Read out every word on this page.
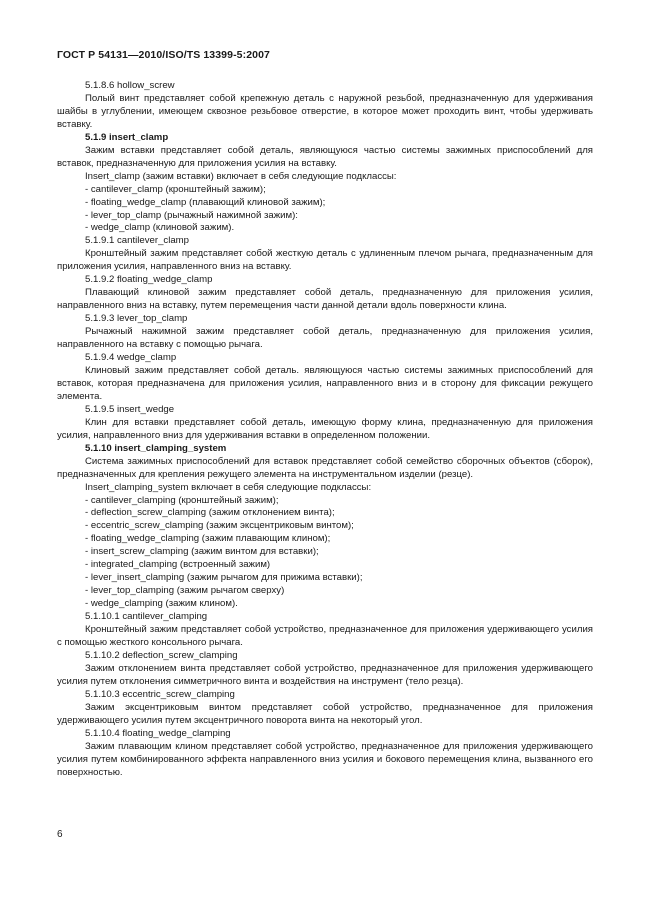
ГОСТ Р 54131—2010/ISO/TS 13399-5:2007
5.1.8.6 hollow_screw
Полый винт представляет собой крепежную деталь с наружной резьбой, предназначенную для удерживания шайбы в углублении, имеющем сквозное резьбовое отверстие, в которое может проходить винт, чтобы удерживать вставку.
5.1.9 insert_clamp
Зажим вставки представляет собой деталь, являющуюся частью системы зажимных приспособлений для вставок, предназначенную для приложения усилия на вставку.
Insert_clamp (зажим вставки) включает в себя следующие подклассы:
- cantilever_clamp (кронштейный зажим);
- floating_wedge_clamp (плавающий клиновой зажим);
- lever_top_clamp (рычажный нажимной зажим):
- wedge_clamp (клиновой зажим).
5.1.9.1 cantilever_clamp
Кронштейный зажим представляет собой жесткую деталь с удлиненным плечом рычага, предназначенным для приложения усилия, направленного вниз на вставку.
5.1.9.2 floating_wedge_clamp
Плавающий клиновой зажим представляет собой деталь, предназначенную для приложения усилия, направленного вниз на вставку, путем перемещения части данной детали вдоль поверхности клина.
5.1.9.3 lever_top_clamp
Рычажный нажимной зажим представляет собой деталь, предназначенную для приложения усилия, направленного на вставку с помощью рычага.
5.1.9.4 wedge_clamp
Клиновый зажим представляет собой деталь. являющуюся частью системы зажимных приспособлений для вставок, которая предназначена для приложения усилия, направленного вниз и в сторону для фиксации режущего элемента.
5.1.9.5 insert_wedge
Клин для вставки представляет собой деталь, имеющую форму клина, предназначенную для приложения усилия, направленного вниз для удерживания вставки в определенном положении.
5.1.10 insert_clamping_system
Система зажимных приспособлений для вставок представляет собой семейство сборочных объектов (сборок), предназначенных для крепления режущего элемента на инструментальном изделии (резце).
Insert_clamping_system включает в себя следующие подклассы:
- cantilever_clamping (кронштейный зажим);
- deflection_screw_clamping (зажим отклонением винта);
- eccentric_screw_clamping (зажим эксцентриковым винтом);
- floating_wedge_clamping (зажим плавающим клином);
- insert_screw_clamping (зажим винтом для вставки);
- integrated_clamping (встроенный зажим)
- lever_insert_clamping (зажим рычагом для прижима вставки);
- lever_top_clamping (зажим рычагом сверху)
- wedge_clamping (зажим клином).
5.1.10.1 cantilever_clamping
Кронштейный зажим представляет собой устройство, предназначенное для приложения удерживающего усилия с помощью жесткого консольного рычага.
5.1.10.2 deflection_screw_clamping
Зажим отклонением винта представляет собой устройство, предназначенное для приложения удерживающего усилия путем отклонения симметричного винта и воздействия на инструмент (тело резца).
5.1.10.3 eccentric_screw_clamping
Зажим эксцентриковым винтом представляет собой устройство, предназначенное для приложения удерживающего усилия путем эксцентричного поворота винта на некоторый угол.
5.1.10.4 floating_wedge_clamping
Зажим плавающим клином представляет собой устройство, предназначенное для приложения удерживающего усилия путем комбинированного эффекта направленного вниз усилия и бокового перемещения клина, вызванного его поверхностью.
6
